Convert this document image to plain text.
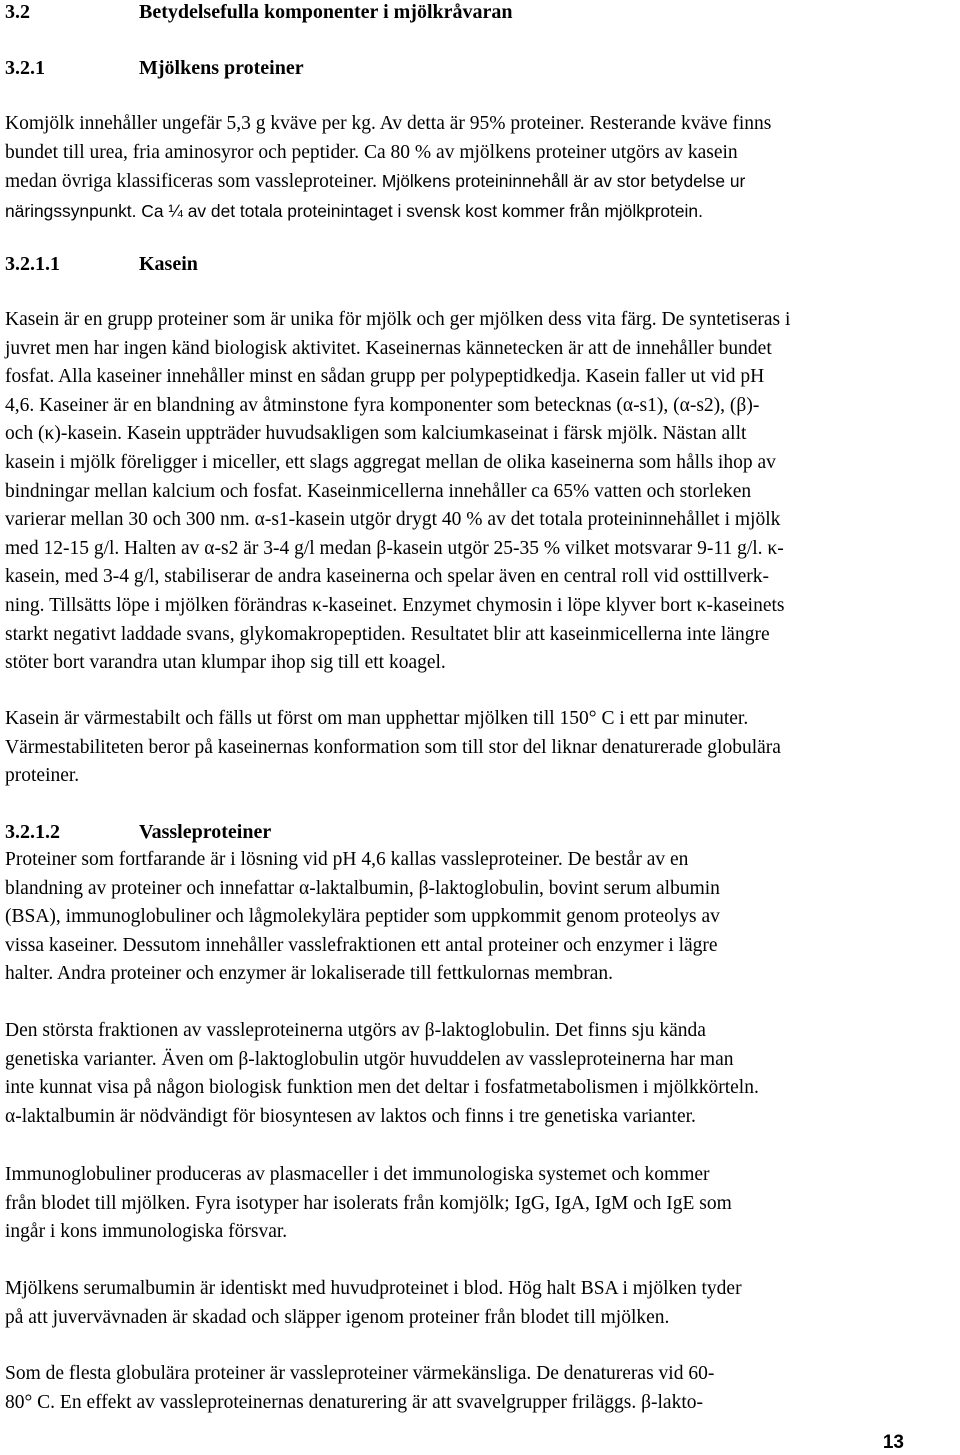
3.2	Betydelsefulla komponenter i mjölkråvaran
3.2.1	Mjölkens proteiner

Komjölk innehåller ungefär 5,3 g kväve per kg. Av detta är 95% proteiner. Resterande kväve finns
bundet till urea, fria aminosyror och peptider. Ca 80 % av mjölkens proteiner utgörs av kasein
medan övriga klassificeras som vassleproteiner. Mjölkens proteininnehåll är av stor betydelse ur
näringssynpunkt. Ca ¼ av det totala proteinintaget i svensk kost kommer från mjölkprotein.

3.2.1.1	Kasein

Kasein är en grupp proteiner som är unika för mjölk och ger mjölken dess vita färg. De syntetiseras i
juvret men har ingen känd biologisk aktivitet. Kaseinernas kännetecken är att de innehåller bundet
fosfat. Alla kaseiner innehåller minst en sådan grupp per polypeptidkedja. Kasein faller ut vid pH
4,6. Kaseiner är en blandning av åtminstone fyra komponenter som betecknas (α-s1), (α-s2), (β)-
och (κ)-kasein. Kasein uppträder huvudsakligen som kalciumkaseinat i färsk mjölk. Nästan allt
kasein i mjölk föreligger i miceller, ett slags aggregat mellan de olika kaseinerna som hålls ihop av
bindningar mellan kalcium och fosfat. Kaseinmicellerna innehåller ca 65% vatten och storleken
varierar mellan 30 och 300 nm. α-s1-kasein utgör drygt 40 % av det totala proteininnehållet i mjölk
med 12-15 g/l. Halten av α-s2 är 3-4 g/l medan β-kasein utgör 25-35 % vilket motsvarar 9-11 g/l. κ-
kasein, med 3-4 g/l, stabiliserar de andra kaseinerna och spelar även en central roll vid osttillverk-
ning. Tillsätts löpe i mjölken förändras κ-kaseinet. Enzymet chymosin i löpe klyver bort κ-kaseinets
starkt negativt laddade svans, glykomakropeptiden. Resultatet blir att kaseinmicellerna inte längre
stöter bort varandra utan klumpar ihop sig till ett koagel.

Kasein är värmestabilt och fälls ut först om man upphettar mjölken till 150° C i ett par minuter.
Värmestabiliteten beror på kaseinernas konformation som till stor del liknar denaturerade globulära
proteiner.

3.2.1.2	Vassleproteiner

Proteiner som fortfarande är i lösning vid pH 4,6 kallas vassleproteiner. De består av en
blandning av proteiner och innefattar α-laktalbumin, β-laktoglobulin, bovint serum albumin
(BSA), immunoglobuliner och lågmolekylära peptider som uppkommit genom proteolys av
vissa kaseiner. Dessutom innehåller vasslefraktionen ett antal proteiner och enzymer i lägre
halter. Andra proteiner och enzymer är lokaliserade till fettkulornas membran.

Den största fraktionen av vassleproteinerna utgörs av β-laktoglobulin. Det finns sju kända
genetiska varianter. Även om β-laktoglobulin utgör huvuddelen av vassleproteinerna har man
inte kunnat visa på någon biologisk funktion men det deltar i fosfatmetabolismen i mjölkkörteln.
α-laktalbumin är nödvändigt för biosyntesen av laktos och finns i tre genetiska varianter.

Immunoglobuliner produceras av plasmaceller i det immunologiska systemet och kommer
från blodet till mjölken. Fyra isotyper har isolerats från komjölk; IgG, IgA, IgM och IgE som
ingår i kons immunologiska försvar.

Mjölkens serumalbumin är identiskt med huvudproteinet i blod. Hög halt BSA i mjölken tyder
på att juvervävnaden är skadad och släpper igenom proteiner från blodet till mjölken.

Som de flesta globulära proteiner är vassleproteiner värmekänsliga. De denatureras vid 60-
80° C. En effekt av vassleproteinernas denaturering är att svavelgrupper friläggs. β-lakto-

13
